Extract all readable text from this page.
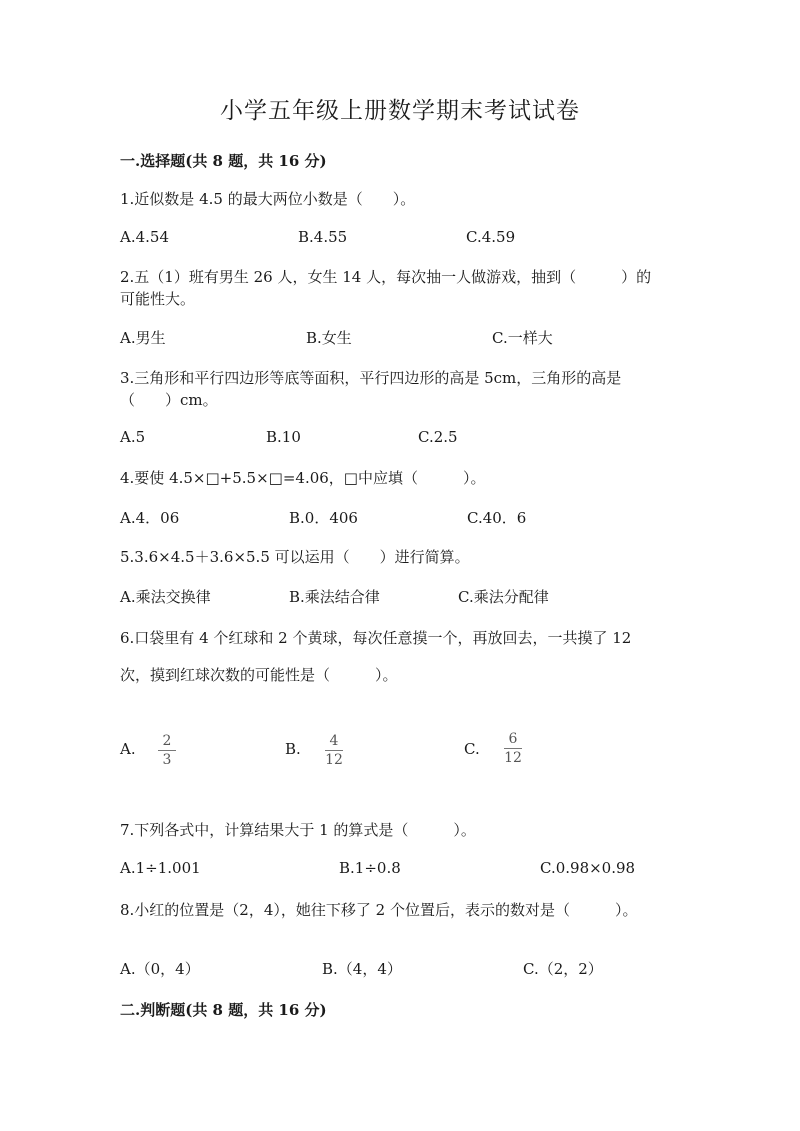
小学五年级上册数学期末考试试卷
一.选择题(共 8 题，共 16 分)
1.近似数是 4.5 的最大两位小数是（　　）。
A.4.54	B.4.55	C.4.59
2.五（1）班有男生 26 人，女生 14 人，每次抽一人做游戏，抽到（　　　）的
可能性大。
A.男生	B.女生	C.一样大
3.三角形和平行四边形等底等面积，平行四边形的高是 5cm，三角形的高是
（　　）cm。
A.5	B.10	C.2.5
4.要使 4.5×□+5.5×□=4.06，□中应填（　　　）。
A.4．06	B.0．406	C.40．6
5.3.6×4.5＋3.6×5.5 可以运用（　　）进行简算。
A.乘法交换律	B.乘法结合律	C.乘法分配律
6.口袋里有 4 个红球和 2 个黄球，每次任意摸一个，再放回去，一共摸了 12
次，摸到红球次数的可能性是（　　　）。
A. 2
3
B. 4
12
C.
6
12
7.下列各式中，计算结果大于 1 的算式是（　　　）。
A.1÷1.001	B.1÷0.8	C.0.98×0.98
8.小红的位置是（2，4），她往下移了 2 个位置后，表示的数对是（　　　）。
A.（0，4）	B.（4，4）	C.（2，2）
二.判断题(共 8 题，共 16 分)
